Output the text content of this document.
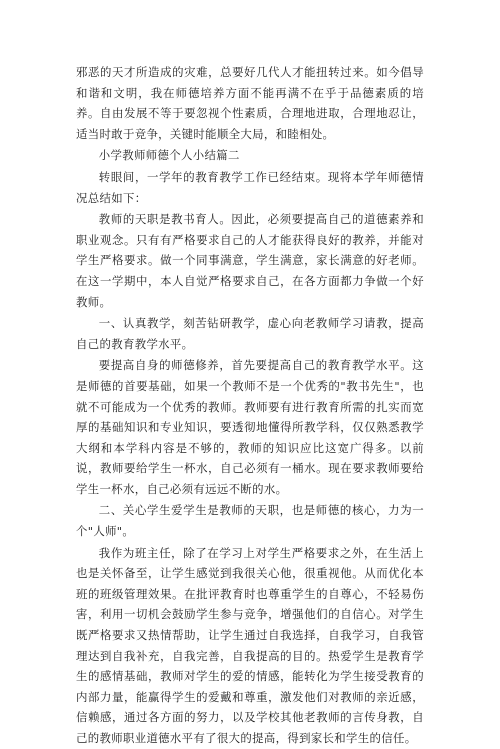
邪恶的天才所造成的灾难，总要好几代人才能扭转过来。如今倡导和谐和文明，我在师德培养方面不能再满不在乎于品德素质的培养。自由发展不等于要忽视个性素质，合理地进取，合理地忍让，适当时敢于竞争，关键时能顺全大局，和睦相处。

小学教师师德个人小结篇二

转眼间，一学年的教育教学工作已经结束。现将本学年师德情况总结如下：

教师的天职是教书育人。因此，必须要提高自己的道德素养和职业观念。只有有严格要求自己的人才能获得良好的教养，并能对学生严格要求。做一个同事满意，学生满意，家长满意的好老师。在这一学期中，本人自觉严格要求自己，在各方面都力争做一个好教师。

一、认真教学，刻苦钻研教学，虚心向老教师学习请教，提高自己的教育教学水平。

要提高自身的师德修养，首先要提高自己的教育教学水平。这是师德的首要基础，如果一个教师不是一个优秀的"教书先生"，也就不可能成为一个优秀的教师。教师要有进行教育所需的扎实而宽厚的基础知识和专业知识，要透彻地懂得所教学科，仅仅熟悉教学大纲和本学科内容是不够的，教师的知识应比这宽广得多。以前说，教师要给学生一杯水，自己必须有一桶水。现在要求教师要给学生一杯水，自己必须有远远不断的水。

二、关心学生爱学生是教师的天职，也是师德的核心，力为一个"人师"。

我作为班主任，除了在学习上对学生严格要求之外，在生活上也是关怀备至，让学生感觉到我很关心他，很重视他。从而优化本班的班级管理效果。在批评教育时也尊重学生的自尊心，不轻易伤害，利用一切机会鼓励学生参与竞争，增强他们的自信心。对学生既严格要求又热情帮助，让学生通过自我选择，自我学习，自我管理达到自我补充，自我完善，自我提高的目的。热爱学生是教育学生的感情基础，教师对学生的爱的情感，能转化为学生接受教育的内部力量，能赢得学生的爱戴和尊重，激发他们对教师的亲近感，信赖感，通过各方面的努力，以及学校其他老教师的言传身教，自己的教师职业道德水平有了很大的提高，得到家长和学生的信任。
